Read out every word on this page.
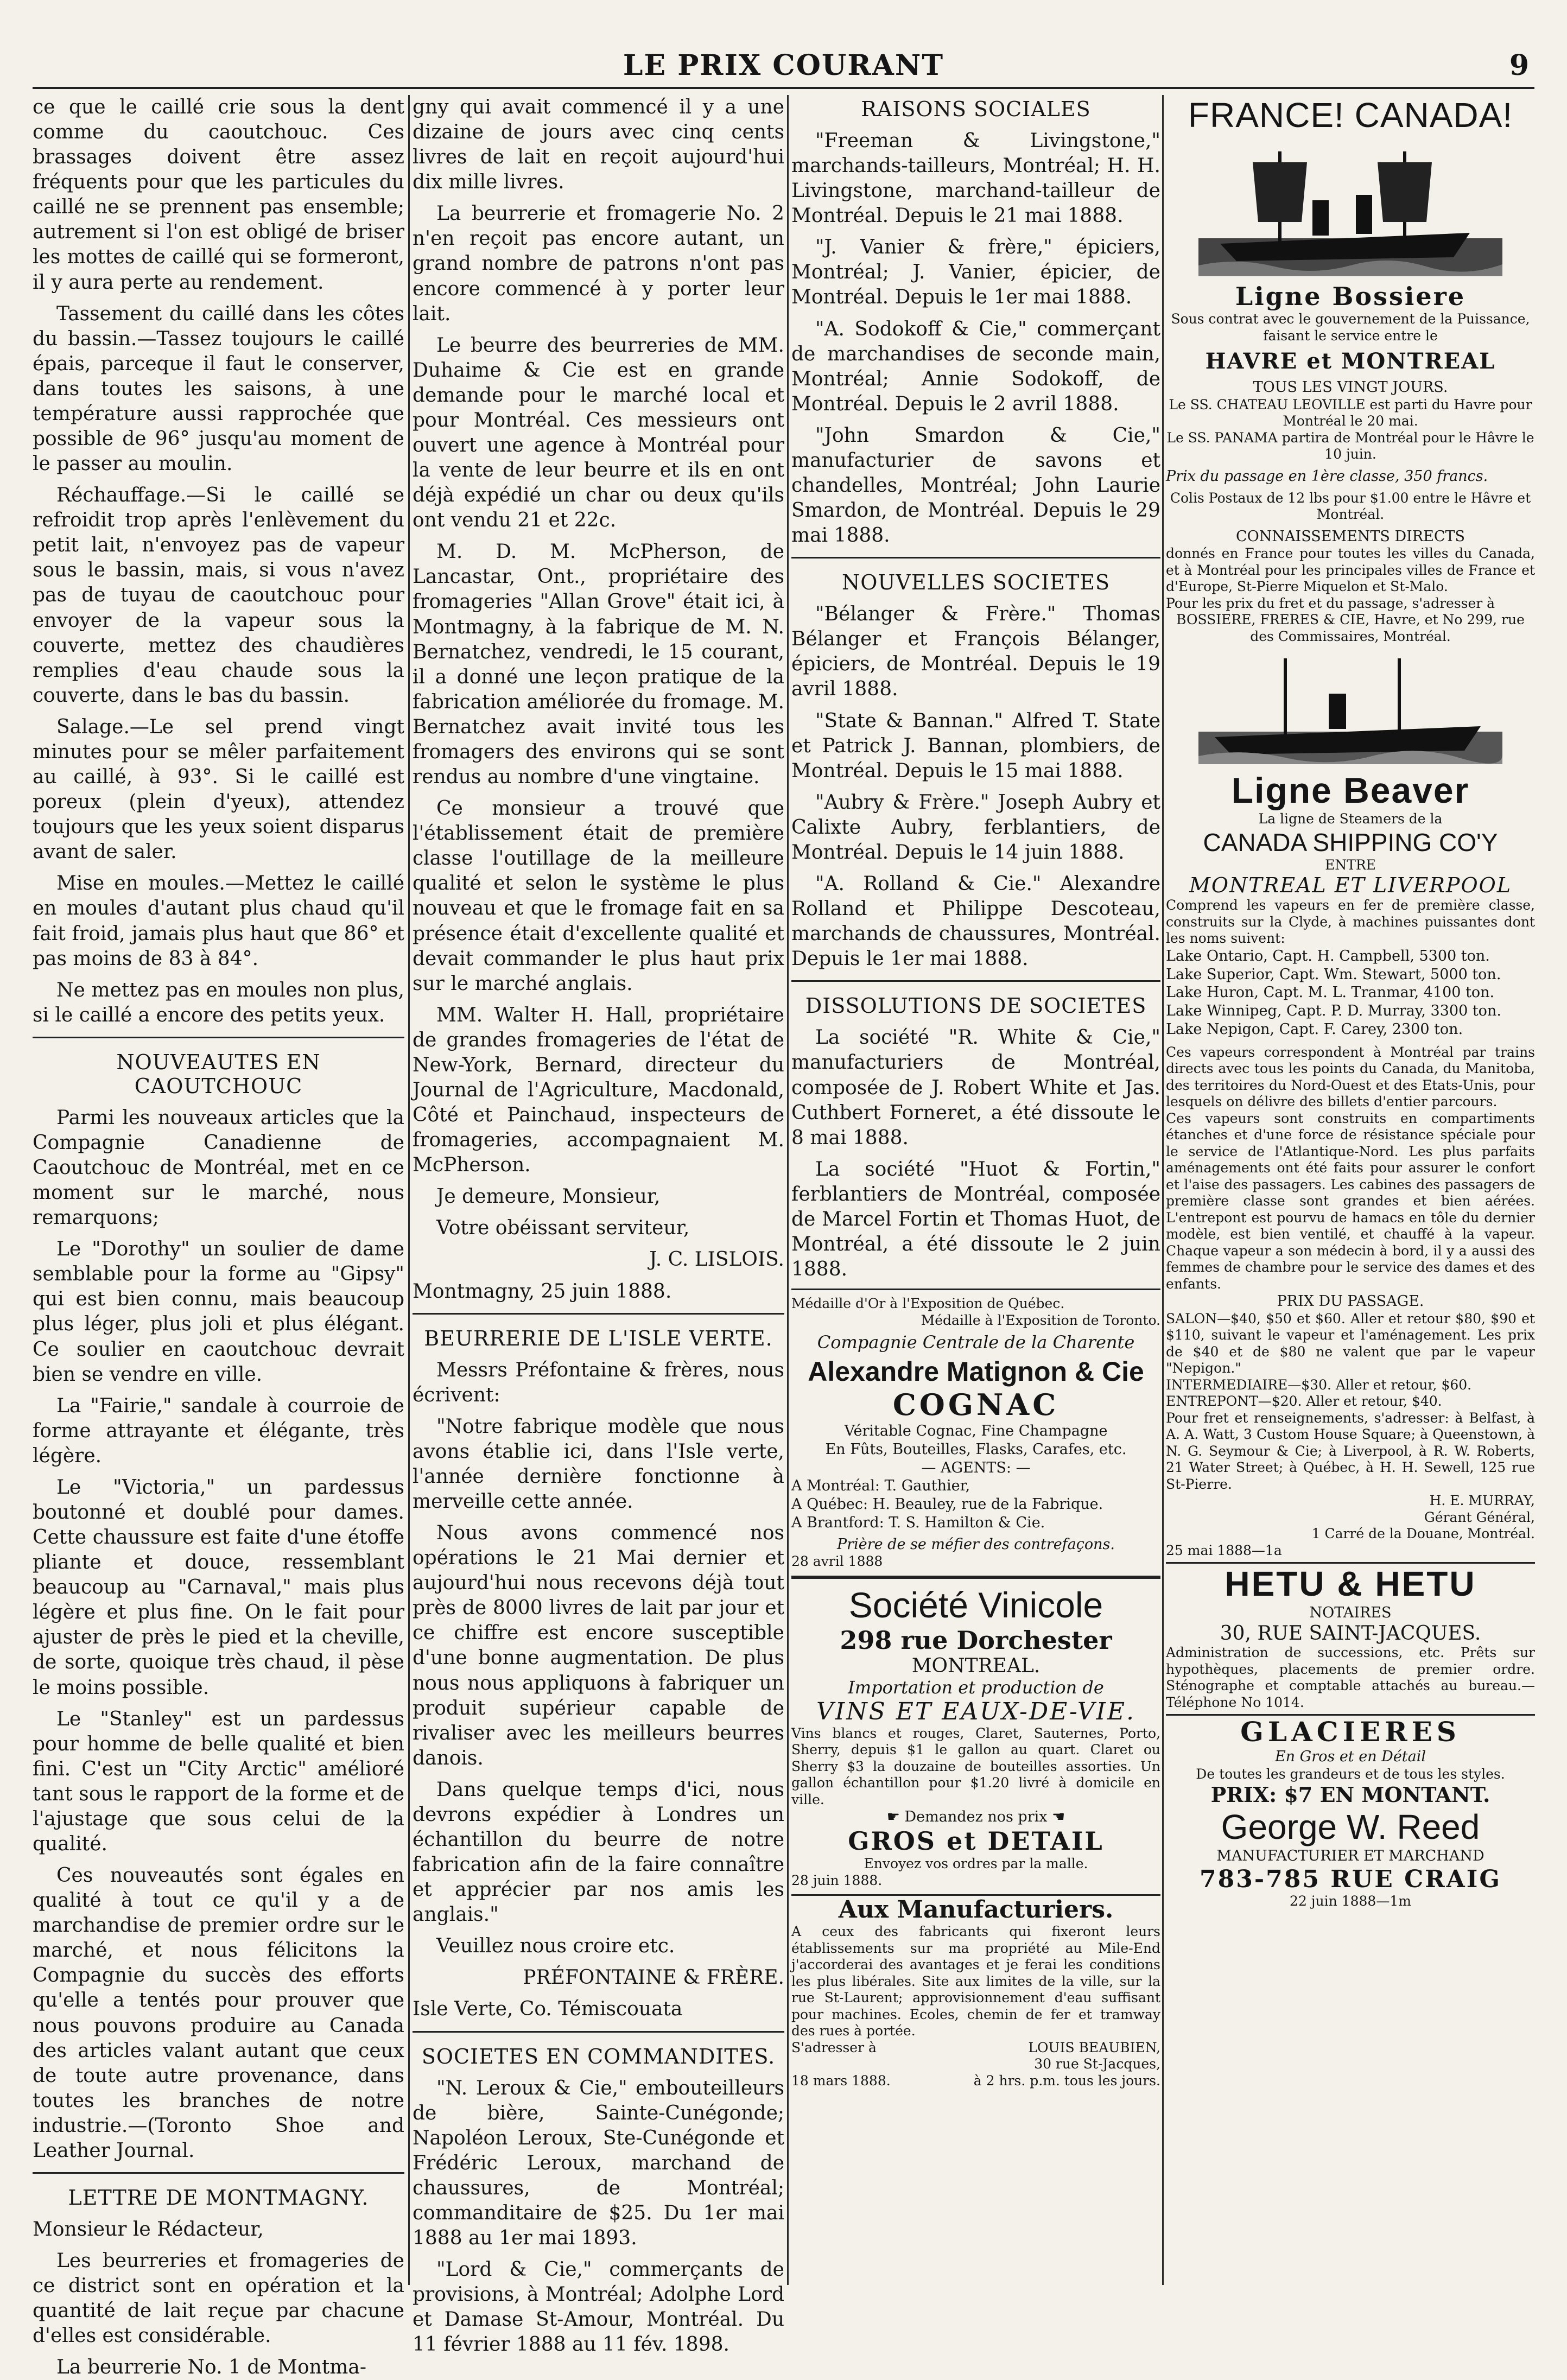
LE PRIX COURANT	9

ce que le caillé crie sous la dent comme du caoutchouc. Ces brassages doivent être assez fréquents pour que les particules du caillé ne se prennent pas ensemble; autrement si l'on est obligé de briser les mottes de caillé qui se formeront, il y aura perte au rendement.

Tassement du caillé dans les côtes du bassin.—Tassez toujours le caillé épais, parceque il faut le conserver, dans toutes les saisons, à une température aussi rapprochée que possible de 96° jusqu'au moment de le passer au moulin.

Réchauffage.—Si le caillé se refroidit trop après l'enlèvement du petit lait, n'envoyez pas de vapeur sous le bassin, mais, si vous n'avez pas de tuyau de caoutchouc pour envoyer de la vapeur sous la couverte, mettez des chaudières remplies d'eau chaude sous la couverte, dans le bas du bassin.

Salage.—Le sel prend vingt minutes pour se mêler parfaitement au caillé, à 93°. Si le caillé est poreux (plein d'yeux), attendez toujours que les yeux soient disparus avant de saler.

Mise en moules.—Mettez le caillé en moules d'autant plus chaud qu'il fait froid, jamais plus haut que 86° et pas moins de 83 à 84°.

Ne mettez pas en moules non plus, si le caillé a encore des petits yeux.

NOUVEAUTES EN CAOUTCHOUC

Parmi les nouveaux articles que la Compagnie Canadienne de Caoutchouc de Montréal, met en ce moment sur le marché, nous remarquons;

Le "Dorothy" un soulier de dame semblable pour la forme au "Gipsy" qui est bien connu, mais beaucoup plus léger, plus joli et plus élégant. Ce soulier en caoutchouc devrait bien se vendre en ville.

La "Fairie," sandale à courroie de forme attrayante et élégante, très légère.

Le "Victoria," un pardessus boutonné et doublé pour dames. Cette chaussure est faite d'une étoffe pliante et douce, ressemblant beaucoup au "Carnaval," mais plus légère et plus fine. On le fait pour ajuster de près le pied et la cheville, de sorte, quoique très chaud, il pèse le moins possible.

Le "Stanley" est un pardessus pour homme de belle qualité et bien fini. C'est un "City Arctic" amélioré tant sous le rapport de la forme et de l'ajustage que sous celui de la qualité.

Ces nouveautés sont égales en qualité à tout ce qu'il y a de marchandise de premier ordre sur le marché, et nous félicitons la Compagnie du succès des efforts qu'elle a tentés pour prouver que nous pouvons produire au Canada des articles valant autant que ceux de toute autre provenance, dans toutes les branches de notre industrie.—(Toronto Shoe and Leather Journal.

LETTRE DE MONTMAGNY.

Monsieur le Rédacteur,

Les beurreries et fromageries de ce district sont en opération et la quantité de lait reçue par chacune d'elles est considérable.

La beurrerie No. 1 de Montma-

gny qui avait commencé il y a une dizaine de jours avec cinq cents livres de lait en reçoit aujourd'hui dix mille livres.

La beurrerie et fromagerie No. 2 n'en reçoit pas encore autant, un grand nombre de patrons n'ont pas encore commencé à y porter leur lait.

Le beurre des beurreries de MM. Duhaime & Cie est en grande demande pour le marché local et pour Montréal. Ces messieurs ont ouvert une agence à Montréal pour la vente de leur beurre et ils en ont déjà expédié un char ou deux qu'ils ont vendu 21 et 22c.

M. D. M. McPherson, de Lancastar, Ont., propriétaire des fromageries "Allan Grove" était ici, à Montmagny, à la fabrique de M. N. Bernatchez, vendredi, le 15 courant, il a donné une leçon pratique de la fabrication améliorée du fromage. M. Bernatchez avait invité tous les fromagers des environs qui se sont rendus au nombre d'une vingtaine.

Ce monsieur a trouvé que l'établissement était de première classe l'outillage de la meilleure qualité et selon le système le plus nouveau et que le fromage fait en sa présence était d'excellente qualité et devait commander le plus haut prix sur le marché anglais.

MM. Walter H. Hall, propriétaire de grandes fromageries de l'état de New-York, Bernard, directeur du Journal de l'Agriculture, Macdonald, Côté et Painchaud, inspecteurs de fromageries, accompagnaient M. McPherson.

Je demeure, Monsieur,

Votre obéissant serviteur,

J. C. LISLOIS.

Montmagny, 25 juin 1888.

BEURRERIE DE L'ISLE VERTE.

Messrs Préfontaine & frères, nous écrivent:

"Notre fabrique modèle que nous avons établie ici, dans l'Isle verte, l'année dernière fonctionne à merveille cette année.

Nous avons commencé nos opérations le 21 Mai dernier et aujourd'hui nous recevons déjà tout près de 8000 livres de lait par jour et ce chiffre est encore susceptible d'une bonne augmentation. De plus nous nous appliquons à fabriquer un produit supérieur capable de rivaliser avec les meilleurs beurres danois.

Dans quelque temps d'ici, nous devrons expédier à Londres un échantillon du beurre de notre fabrication afin de la faire connaître et apprécier par nos amis les anglais."

Veuillez nous croire etc.

PRÉFONTAINE & FRÈRE.

Isle Verte, Co. Témiscouata

SOCIETES EN COMMANDITES.

"N. Leroux & Cie," embouteilleurs de bière, Sainte-Cunégonde; Napoléon Leroux, Ste-Cunégonde et Frédéric Leroux, marchand de chaussures, de Montréal; commanditaire de $25. Du 1er mai 1888 au 1er mai 1893.

"Lord & Cie," commerçants de provisions, à Montréal; Adolphe Lord et Damase St-Amour, Montréal. Du 11 février 1888 au 11 fév. 1898.

RAISONS SOCIALES

"Freeman & Livingstone," marchands-tailleurs, Montréal; H. H. Livingstone, marchand-tailleur de Montréal. Depuis le 21 mai 1888.

"J. Vanier & frère," épiciers, Montréal; J. Vanier, épicier, de Montréal. Depuis le 1er mai 1888.

"A. Sodokoff & Cie," commerçant de marchandises de seconde main, Montréal; Annie Sodokoff, de Montréal. Depuis le 2 avril 1888.

"John Smardon & Cie," manufacturier de savons et chandelles, Montréal; John Laurie Smardon, de Montréal. Depuis le 29 mai 1888.

NOUVELLES SOCIETES

"Bélanger & Frère." Thomas Bélanger et François Bélanger, épiciers, de Montréal. Depuis le 19 avril 1888.

"State & Bannan." Alfred T. State et Patrick J. Bannan, plombiers, de Montréal. Depuis le 15 mai 1888.

"Aubry & Frère." Joseph Aubry et Calixte Aubry, ferblantiers, de Montréal. Depuis le 14 juin 1888.

"A. Rolland & Cie." Alexandre Rolland et Philippe Descoteau, marchands de chaussures, Montréal. Depuis le 1er mai 1888.

DISSOLUTIONS DE SOCIETES

La société "R. White & Cie," manufacturiers de Montréal, composée de J. Robert White et Jas. Cuthbert Forneret, a été dissoute le 8 mai 1888.

La société "Huot & Fortin," ferblantiers de Montréal, composée de Marcel Fortin et Thomas Huot, de Montréal, a été dissoute le 2 juin 1888.

Médaille d'Or à l'Exposition de Québec.
Médaille à l'Exposition de Toronto.
Compagnie Centrale de la Charente
Alexandre Matignon & Cie
COGNAC
Véritable Cognac, Fine Champagne
En Fûts, Bouteilles, Flasks, Carafes, etc.
— AGENTS: —
A Montréal: T. Gauthier,
A Québec: H. Beauley, rue de la Fabrique.
A Brantford: T. S. Hamilton & Cie.
Prière de se méfier des contrefaçons.
28 avril 1888
Société Vinicole
298 rue Dorchester
MONTREAL.
Importation et production de
VINS ET EAUX-DE-VIE.
Vins blancs et rouges, Claret, Sauternes, Porto, Sherry, depuis $1 le gallon au quart. Claret ou Sherry $3 la douzaine de bouteilles assorties. Un gallon échantillon pour $1.20 livré à domicile en ville.
☛ Demandez nos prix ☚
GROS et DETAIL
Envoyez vos ordres par la malle.
28 juin 1888.
Aux Manufacturiers.
A ceux des fabricants qui fixeront leurs établissements sur ma propriété au Mile-End j'accorderai des avantages et je ferai les conditions les plus libérales. Site aux limites de la ville, sur la rue St-Laurent; approvisionnement d'eau suffisant pour machines. Ecoles, chemin de fer et tramway des rues à portée.
S'adresser à	LOUIS BEAUBIEN,
30 rue St-Jacques,
18 mars 1888.	à 2 hrs. p.m. tous les jours.
FRANCE! CANADA!
Ligne Bossiere
Sous contrat avec le gouvernement de la Puissance, faisant le service entre le
HAVRE et MONTREAL
TOUS LES VINGT JOURS.
Le SS. CHATEAU LEOVILLE est parti du Havre pour Montréal le 20 mai.
Le SS. PANAMA partira de Montréal pour le Hâvre le 10 juin.
Prix du passage en 1ère classe, 350 francs.
Colis Postaux de 12 lbs pour $1.00 entre le Hâvre et Montréal.
CONNAISSEMENTS DIRECTS
donnés en France pour toutes les villes du Canada, et à Montréal pour les principales villes de France et d'Europe, St-Pierre Miquelon et St-Malo.
Pour les prix du fret et du passage, s'adresser à
BOSSIERE, FRERES & CIE, Havre, et No 299, rue des Commissaires, Montréal.
Ligne Beaver
La ligne de Steamers de la
CANADA SHIPPING CO'Y
ENTRE
MONTREAL ET LIVERPOOL
Comprend les vapeurs en fer de première classe, construits sur la Clyde, à machines puissantes dont les noms suivent:
Lake Ontario, Capt. H. Campbell, 5300 ton.
Lake Superior, Capt. Wm. Stewart, 5000 ton.
Lake Huron, Capt. M. L. Tranmar, 4100 ton.
Lake Winnipeg, Capt. P. D. Murray, 3300 ton.
Lake Nepigon, Capt. F. Carey, 2300 ton.
Ces vapeurs correspondent à Montréal par trains directs avec tous les points du Canada, du Manitoba, des territoires du Nord-Ouest et des Etats-Unis, pour lesquels on délivre des billets d'entier parcours.
Ces vapeurs sont construits en compartiments étanches et d'une force de résistance spéciale pour le service de l'Atlantique-Nord. Les plus parfaits aménagements ont été faits pour assurer le confort et l'aise des passagers. Les cabines des passagers de première classe sont grandes et bien aérées. L'entrepont est pourvu de hamacs en tôle du dernier modèle, est bien ventilé, et chauffé à la vapeur. Chaque vapeur a son médecin à bord, il y a aussi des femmes de chambre pour le service des dames et des enfants.
PRIX DU PASSAGE.
SALON—$40, $50 et $60. Aller et retour $80, $90 et $110, suivant le vapeur et l'aménagement. Les prix de $40 et de $80 ne valent que par le vapeur "Nepigon."
INTERMEDIAIRE—$30. Aller et retour, $60.
ENTREPONT—$20. Aller et retour, $40.
Pour fret et renseignements, s'adresser: à Belfast, à A. A. Watt, 3 Custom House Square; à Queenstown, à N. G. Seymour & Cie; à Liverpool, à R. W. Roberts, 21 Water Street; à Québec, à H. H. Sewell, 125 rue St-Pierre.
H. E. MURRAY,
Gérant Général,
1 Carré de la Douane, Montréal.
25 mai 1888—1a
HETU & HETU
NOTAIRES
30, RUE SAINT-JACQUES.
Administration de successions, etc. Prêts sur hypothèques, placements de premier ordre. Sténographe et comptable attachés au bureau.—Téléphone No 1014.
GLACIERES
En Gros et en Détail
De toutes les grandeurs et de tous les styles.
PRIX: $7 EN MONTANT.
George W. Reed
MANUFACTURIER ET MARCHAND
783-785 RUE CRAIG
22 juin 1888—1m
